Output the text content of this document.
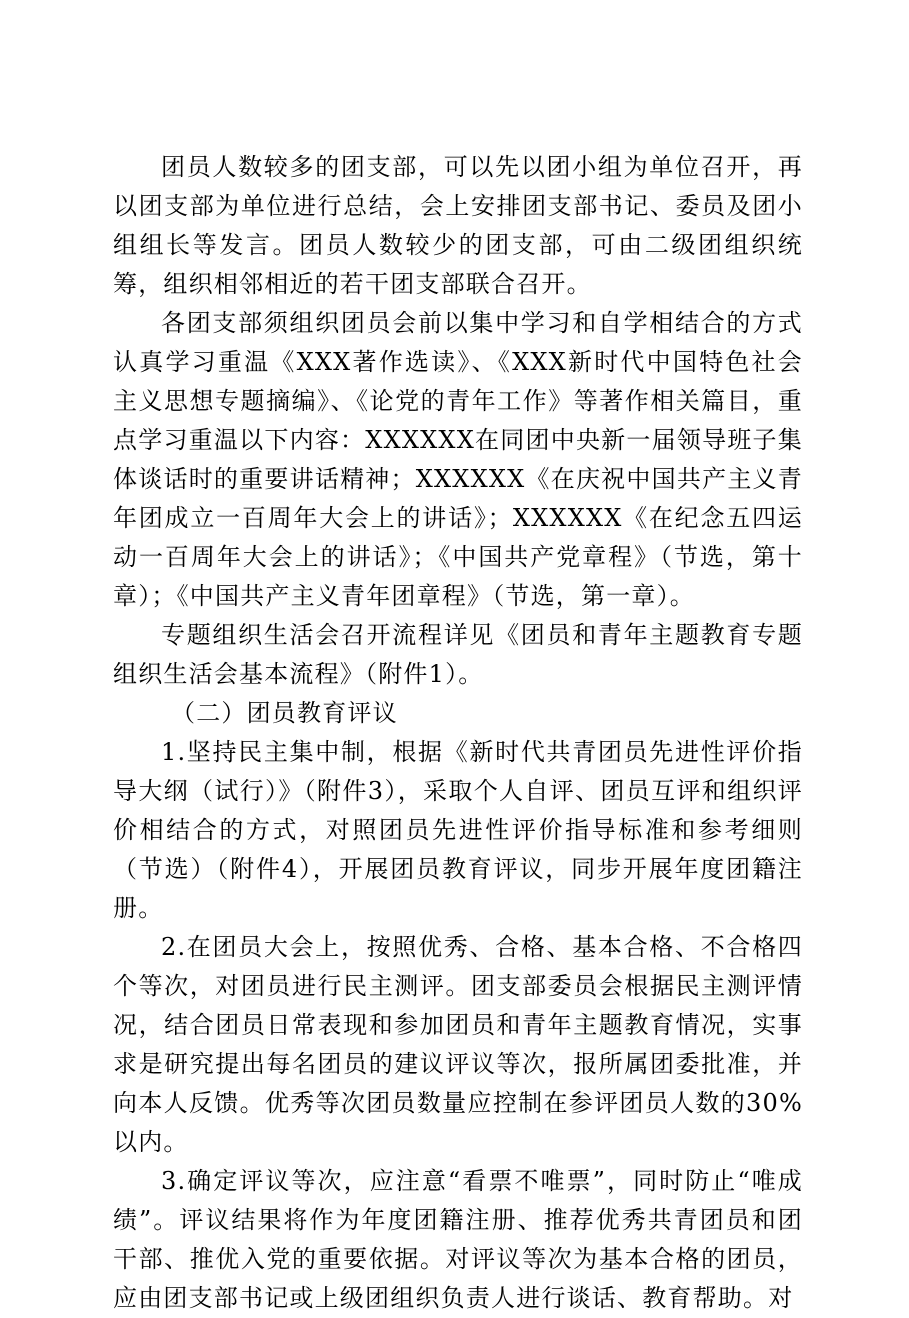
团员人数较多的团支部，可以先以团小组为单位召开，再以团支部为单位进行总结，会上安排团支部书记、委员及团小组组长等发言。团员人数较少的团支部，可由二级团组织统筹，组织相邻相近的若干团支部联合召开。

各团支部须组织团员会前以集中学习和自学相结合的方式认真学习重温《XXX著作选读》、《XXX新时代中国特色社会主义思想专题摘编》、《论党的青年工作》等著作相关篇目，重点学习重温以下内容：XXXXXX在同团中央新一届领导班子集体谈话时的重要讲话精神；XXXXXX《在庆祝中国共产主义青年团成立一百周年大会上的讲话》；XXXXXX《在纪念五四运动一百周年大会上的讲话》；《中国共产党章程》（节选，第十章）；《中国共产主义青年团章程》（节选，第一章）。

专题组织生活会召开流程详见《团员和青年主题教育专题组织生活会基本流程》（附件1）。

（二）团员教育评议

1.坚持民主集中制，根据《新时代共青团员先进性评价指导大纲（试行）》（附件3），采取个人自评、团员互评和组织评价相结合的方式，对照团员先进性评价指导标准和参考细则（节选）（附件4），开展团员教育评议，同步开展年度团籍注册。

2.在团员大会上，按照优秀、合格、基本合格、不合格四个等次，对团员进行民主测评。团支部委员会根据民主测评情况，结合团员日常表现和参加团员和青年主题教育情况，实事求是研究提出每名团员的建议评议等次，报所属团委批准，并向本人反馈。优秀等次团员数量应控制在参评团员人数的30%以内。

3.确定评议等次，应注意“看票不唯票”，同时防止“唯成绩”。评议结果将作为年度团籍注册、推荐优秀共青团员和团干部、推优入党的重要依据。对评议等次为基本合格的团员，应由团支部书记或上级团组织负责人进行谈话、教育帮助。对
